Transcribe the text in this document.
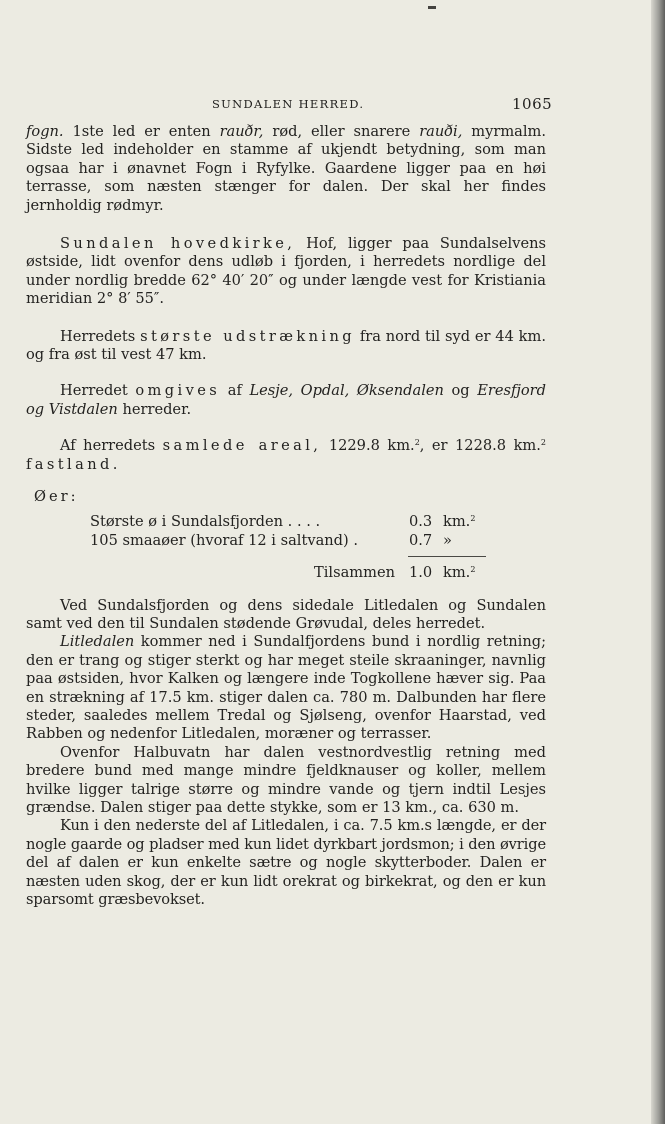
SUNDALEN HERRED.	1065

fogn. 1ste led er enten rauðr, rød, eller snarere rauði, myrmalm. Sidste led indeholder en stamme af ukjendt betydning, som man ogsaa har i ønavnet Fogn i Ryfylke. Gaardene ligger paa en høi terrasse, som næsten stænger for dalen. Der skal her findes jernholdig rødmyr.

Sundalen hovedkirke, Hof, ligger paa Sundalselvens østside, lidt ovenfor dens udløb i fjorden, i herredets nordlige del under nordlig bredde 62° 40′ 20″ og under længde vest for Kristiania meridian 2° 8′ 55″.

Herredets største udstrækning fra nord til syd er 44 km. og fra øst til vest 47 km.

Herredet omgives af Lesje, Opdal, Øksendalen og Eresfjord og Vistdalen herreder.

Af herredets samlede areal, 1229.8 km.$^2$, er 1228.8 km.$^2$ fastland.

Øer:

Største ø i Sundalsfjorden . . . .	0.3 km.$^2$
105 smaaøer (hvoraf 12 i saltvand) .	0.7 »
Tilsammen 1.0 km.$^2$

Ved Sundalsfjorden og dens sidedale Litledalen og Sundalen samt ved den til Sundalen stødende Grøvudal, deles herredet.

Litledalen kommer ned i Sundalfjordens bund i nordlig retning; den er trang og stiger sterkt og har meget steile skraaninger, navnlig paa østsiden, hvor Kalken og længere inde Togkollene hæver sig. Paa en strækning af 17.5 km. stiger dalen ca. 780 m. Dalbunden har flere steder, saaledes mellem Tredal og Sjølseng, ovenfor Haarstad, ved Rabben og nedenfor Litledalen, moræner og terrasser.

Ovenfor Halbuvatn har dalen vestnordvestlig retning med bredere bund med mange mindre fjeldknauser og koller, mellem hvilke ligger talrige større og mindre vande og tjern indtil Lesjes grændse. Dalen stiger paa dette stykke, som er 13 km., ca. 630 m.

Kun i den nederste del af Litledalen, i ca. 7.5 km.s længde, er der nogle gaarde og pladser med kun lidet dyrkbart jordsmon; i den øvrige del af dalen er kun enkelte sætre og nogle skytterboder. Dalen er næsten uden skog, der er kun lidt orekrat og birkekrat, og den er kun sparsomt græsbevokset.
